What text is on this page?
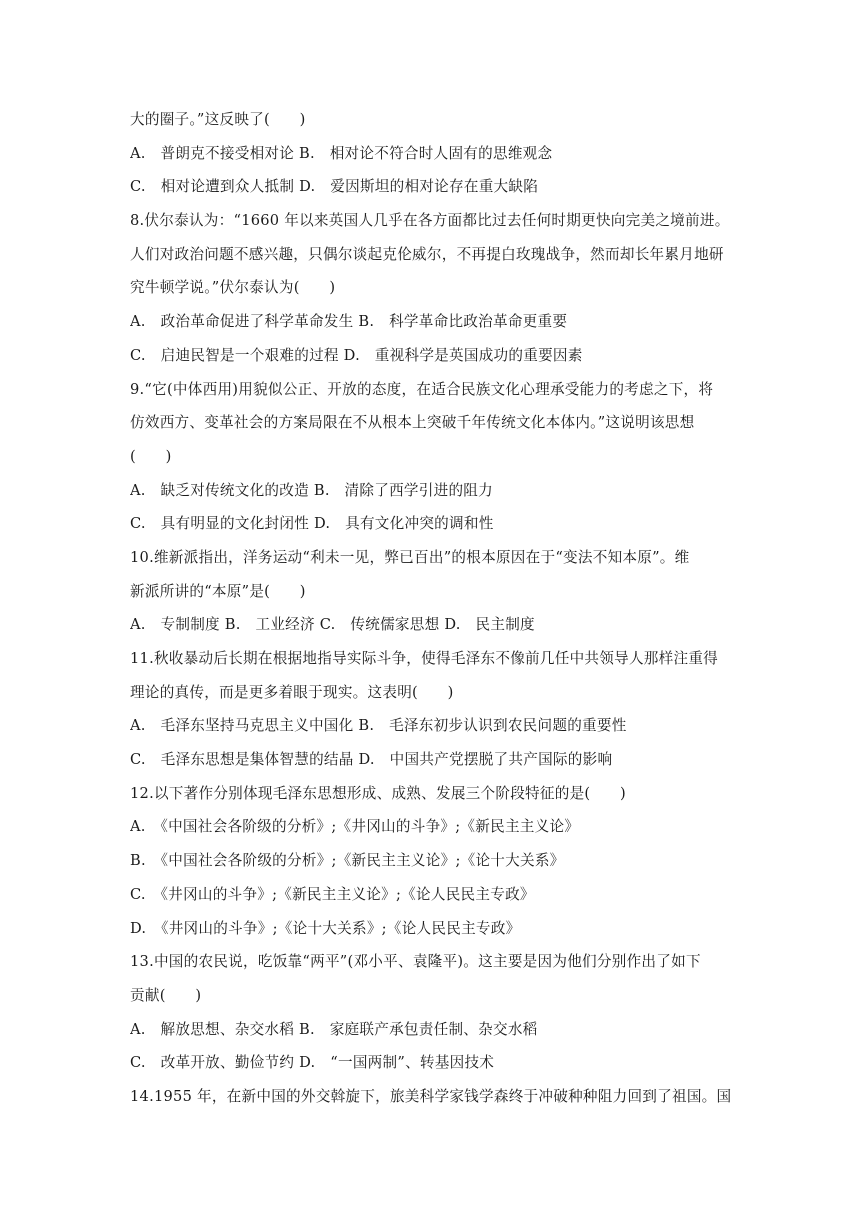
大的圈子。”这反映了(　　)
A.　普朗克不接受相对论 B.　相对论不符合时人固有的思维观念
C.　相对论遭到众人抵制 D.　爱因斯坦的相对论存在重大缺陷
8.伏尔泰认为：“1660 年以来英国人几乎在各方面都比过去任何时期更快向完美之境前进。
人们对政治问题不感兴趣，只偶尔谈起克伦威尔，不再提白玫瑰战争，然而却长年累月地研
究牛顿学说。”伏尔泰认为(　　)
A.　政治革命促进了科学革命发生 B.　科学革命比政治革命更重要
C.　启迪民智是一个艰难的过程 D.　重视科学是英国成功的重要因素
9.“它(中体西用)用貌似公正、开放的态度，在适合民族文化心理承受能力的考虑之下，将
仿效西方、变革社会的方案局限在不从根本上突破千年传统文化本体内。”这说明该思想
(　　)
A.　缺乏对传统文化的改造 B.　清除了西学引进的阻力
C.　具有明显的文化封闭性 D.　具有文化冲突的调和性
10.维新派指出，洋务运动“利未一见，弊已百出”的根本原因在于“变法不知本原”。维
新派所讲的“本原”是(　　)
A.　专制制度 B.　工业经济 C.　传统儒家思想 D.　民主制度
11.秋收暴动后长期在根据地指导实际斗争，使得毛泽东不像前几任中共领导人那样注重得
理论的真传，而是更多着眼于现实。这表明(　　)
A.　毛泽东坚持马克思主义中国化 B.　毛泽东初步认识到农民问题的重要性
C.　毛泽东思想是集体智慧的结晶 D.　中国共产党摆脱了共产国际的影响
12.以下著作分别体现毛泽东思想形成、成熟、发展三个阶段特征的是(　　)
A.　《中国社会各阶级的分析》;《井冈山的斗争》;《新民主主义论》
B.　《中国社会各阶级的分析》;《新民主主义论》;《论十大关系》
C.　《井冈山的斗争》;《新民主主义论》;《论人民民主专政》
D.　《井冈山的斗争》;《论十大关系》;《论人民民主专政》
13.中国的农民说，吃饭靠“两平”(邓小平、袁隆平)。这主要是因为他们分别作出了如下
贡献(　　)
A.　解放思想、杂交水稻 B.　家庭联产承包责任制、杂交水稻
C.　改革开放、勤俭节约 D.　“一国两制”、转基因技术
14.1955 年，在新中国的外交斡旋下，旅美科学家钱学森终于冲破种种阻力回到了祖国。国
